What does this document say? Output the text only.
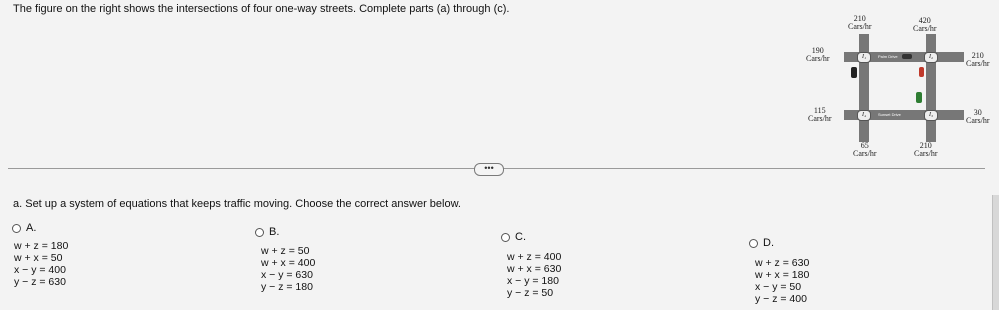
The figure on the right shows the intersections of four one-way streets. Complete parts (a) through (c).
Palm Drive
Sunset Drive
I₁	I₂
I₄	I₃
210
Cars/hr
420
Cars/hr
190
Cars/hr	210
Cars/hr
115
Cars/hr
30
Cars/hr
65
Cars/hr
210
Cars/hr
•••
a. Set up a system of equations that keeps traffic moving. Choose the correct answer below.
A.
w + z = 180
w + x = 50
x − y = 400
y − z = 630
B.
w + z = 50
w + x = 400
x − y = 630
y − z = 180
C.
w + z = 400
w + x = 630
x − y = 180
y − z = 50
D.
w + z = 630
w + x = 180
x − y = 50
y − z = 400
